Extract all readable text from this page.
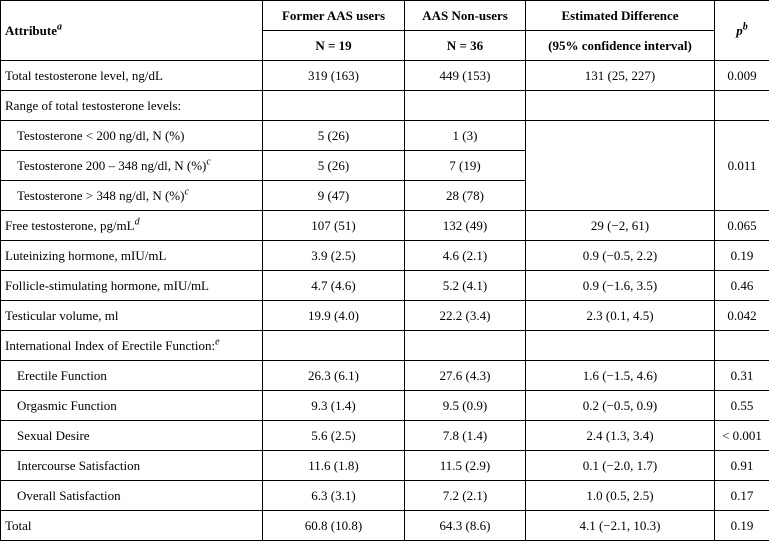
Attribute$^a$	Former AAS users	AAS Non-users	Estimated Difference	$p^b$
	N = 19	N = 36	(95% confidence interval)	
Total testosterone level, ng/dL	319 (163)	449 (153)	131 (25, 227)	0.009
Range of total testosterone levels:				
Testosterone < 200 ng/dl, N (%)	5 (26)	1 (3)		0.011
Testosterone 200 – 348 ng/dl, N (%)$^c$	5 (26)	7 (19)		
Testosterone > 348 ng/dl, N (%)$^c$	9 (47)	28 (78)		
Free testosterone, $pg/mL^d$	107 (51)	132 (49)	29 (−2, 61)	0.065
Luteinizing hormone, mIU/mL	3.9 (2.5)	4.6 (2.1)	0.9 (−0.5, 2.2)	0.19
Follicle-stimulating hormone, mIU/mL	4.7 (4.6)	5.2 (4.1)	0.9 (−1.6, 3.5)	0.46
Testicular volume, ml	19.9 (4.0)	22.2 (3.4)	2.3 (0.1, 4.5)	0.042
International Index of Erectile Function:$^e$				
Erectile Function	26.3 (6.1)	27.6 (4.3)	1.6 (−1.5, 4.6)	0.31
Orgasmic Function	9.3 (1.4)	9.5 (0.9)	0.2 (−0.5, 0.9)	0.55
Sexual Desire	5.6 (2.5)	7.8 (1.4)	2.4 (1.3, 3.4)	< 0.001
Intercourse Satisfaction	11.6 (1.8)	11.5 (2.9)	0.1 (−2.0, 1.7)	0.91
Overall Satisfaction	6.3 (3.1)	7.2 (2.1)	1.0 (0.5, 2.5)	0.17
Total	60.8 (10.8)	64.3 (8.6)	4.1 (−2.1, 10.3)	0.19
